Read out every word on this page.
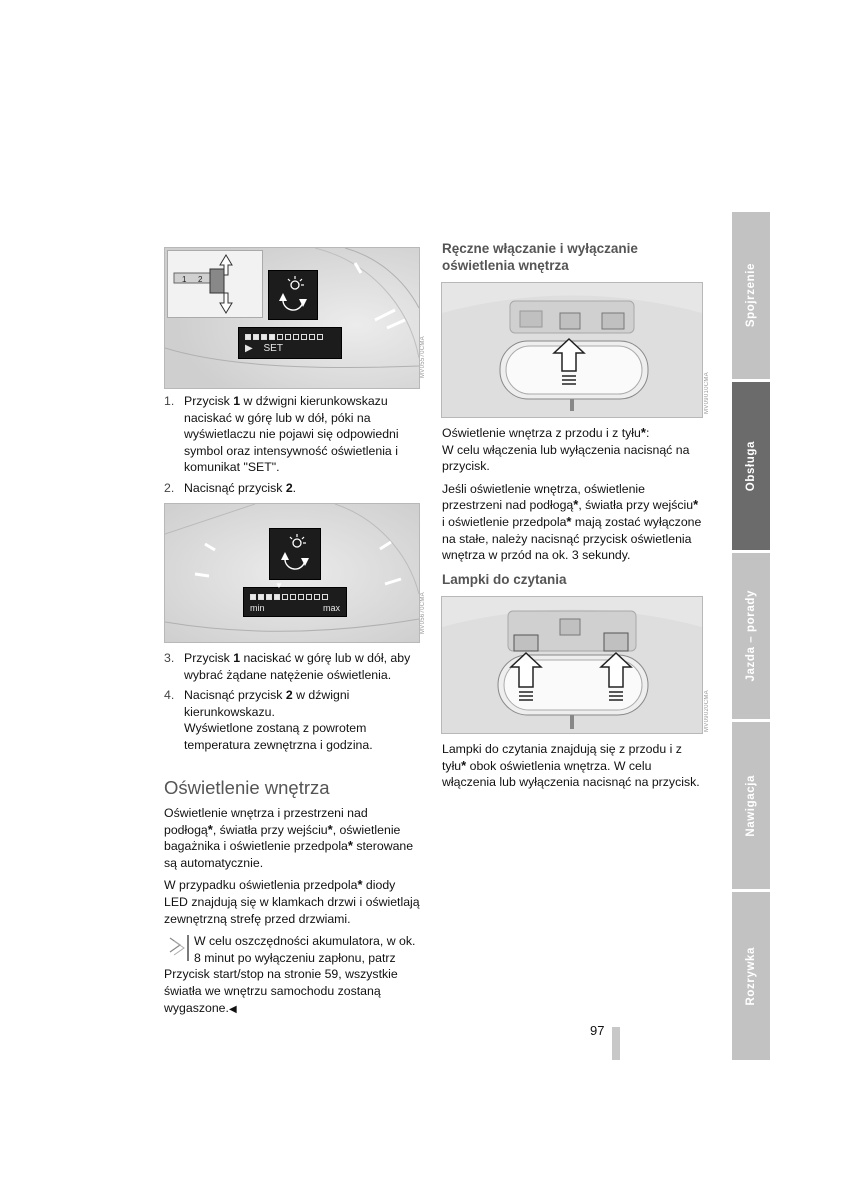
1 2
▶ SET	MV05570CMA
1. Przycisk 1 w dźwigni kierunkowskazu naciskać w górę lub w dół, póki na wyświetlaczu nie pojawi się odpowiedni symbol oraz intensywność oświetlenia i komunikat "SET".
2. Nacisnąć przycisk 2.
min	max
▼
MV05670CMA
3. Przycisk 1 naciskać w górę lub w dół, aby wybrać żądane natężenie oświetlenia.
4. Nacisnąć przycisk 2 w dźwigni kierunkowskazu.
Wyświetlone zostaną z powrotem temperatura zewnętrzna i godzina.
Oświetlenie wnętrza

Oświetlenie wnętrza i przestrzeni nad podłogą*, światła przy wejściu*, oświetlenie bagażnika i oświetlenie przedpola* sterowane są automatycznie.

W przypadku oświetlenia przedpola* diody LED znajdują się w klamkach drzwi i oświetlają zewnętrzną strefę przed drzwiami.

W celu oszczędności akumulatora, w ok. 8 minut po wyłączeniu zapłonu, patrz Przycisk start/stop na stronie 59, wszystkie światła we wnętrzu samochodu zostaną wygaszone.◀
Ręczne włączanie i wyłączanie oświetlenia wnętrza
MV09010CMA

Oświetlenie wnętrza z przodu i z tyłu*:
W celu włączenia lub wyłączenia nacisnąć na przycisk.

Jeśli oświetlenie wnętrza, oświetlenie przestrzeni nad podłogą*, światła przy wejściu* i oświetlenie przedpola* mają zostać wyłączone na stałe, należy nacisnąć przycisk oświetlenia wnętrza w przód na ok. 3 sekundy.

Lampki do czytania
MV09020CMA

Lampki do czytania znajdują się z przodu i z tyłu* obok oświetlenia wnętrza. W celu włączenia lub wyłączenia nacisnąć na przycisk.

97
Spojrzenie
Obsługa
Jazda – porady
Nawigacja
Rozrywka
